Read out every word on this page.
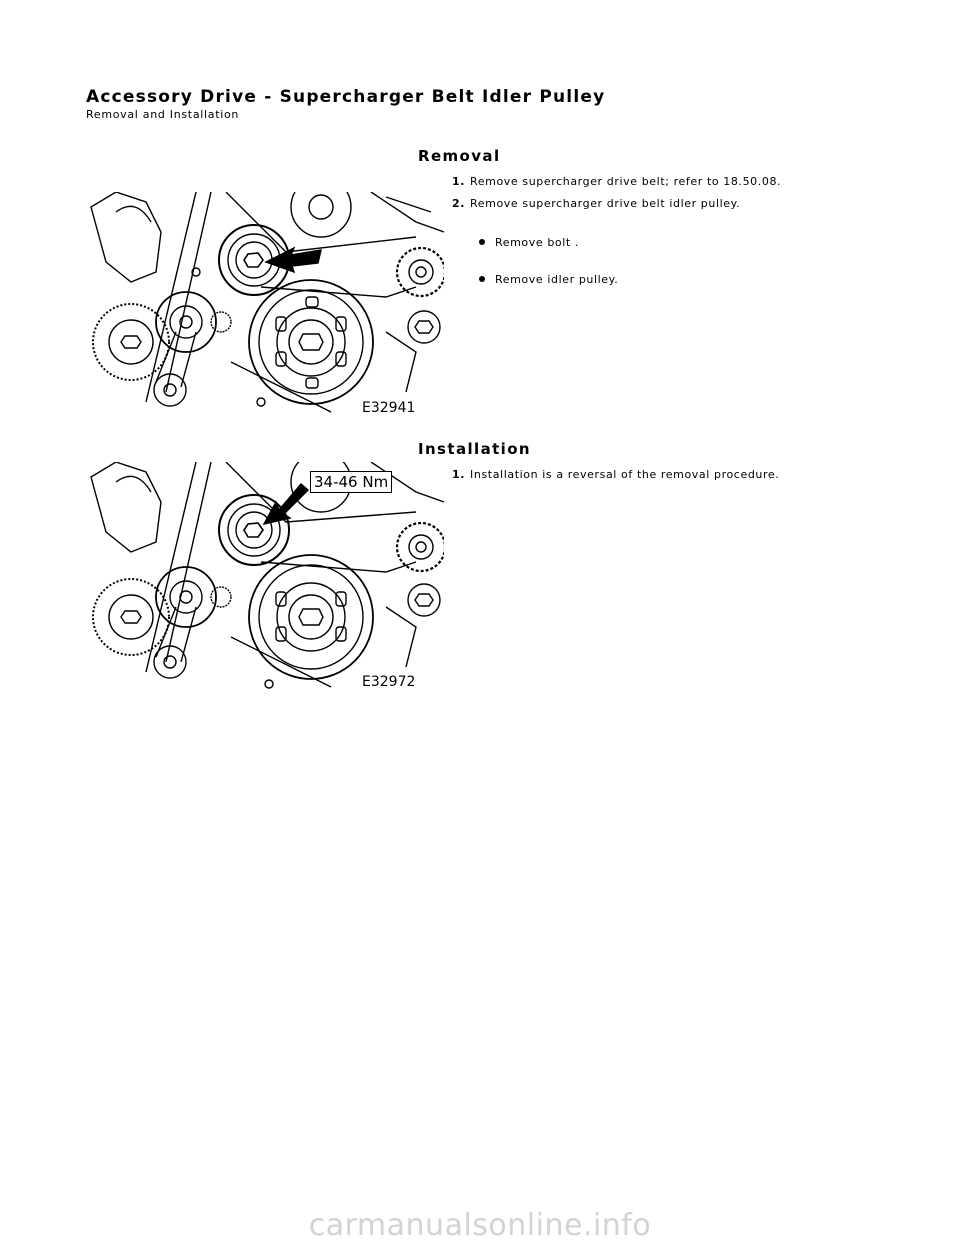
Accessory Drive - Supercharger Belt Idler Pulley
Removal and Installation
Removal
1. Remove supercharger drive belt; refer to 18.50.08.
2. Remove supercharger drive belt idler pulley.
Remove bolt .
Remove idler pulley.
E32941
Installation
1. Installation is a reversal of the removal procedure.
34-46 Nm
E32972
carmanualsonline.info
